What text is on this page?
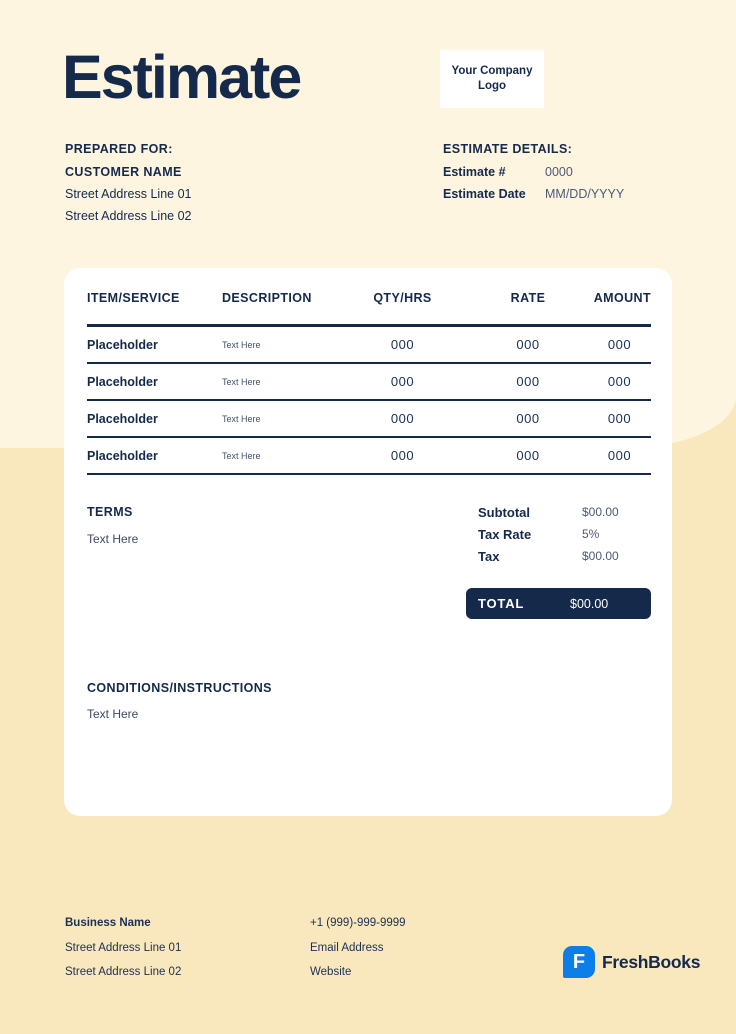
Estimate	Your Company Logo
PREPARED FOR:
CUSTOMER NAME
Street Address Line 01
Street Address Line 02
ESTIMATE DETAILS:
Estimate #	0000
Estimate Date	MM/DD/YYYY
ITEM/SERVICE	DESCRIPTION	QTY/HRS	RATE	AMOUNT
Placeholder	Text Here	000	000	000
Placeholder	Text Here	000	000	000
Placeholder	Text Here	000	000	000
Placeholder	Text Here	000	000	000
TERMS
Text Here
Subtotal	$00.00
Tax Rate	5%
Tax	$00.00
TOTAL	$00.00
CONDITIONS/INSTRUCTIONS
Text Here
Business Name
Street Address Line 01
Street Address Line 02
+1 (999)-999-9999
Email Address
Website	F FreshBooks
